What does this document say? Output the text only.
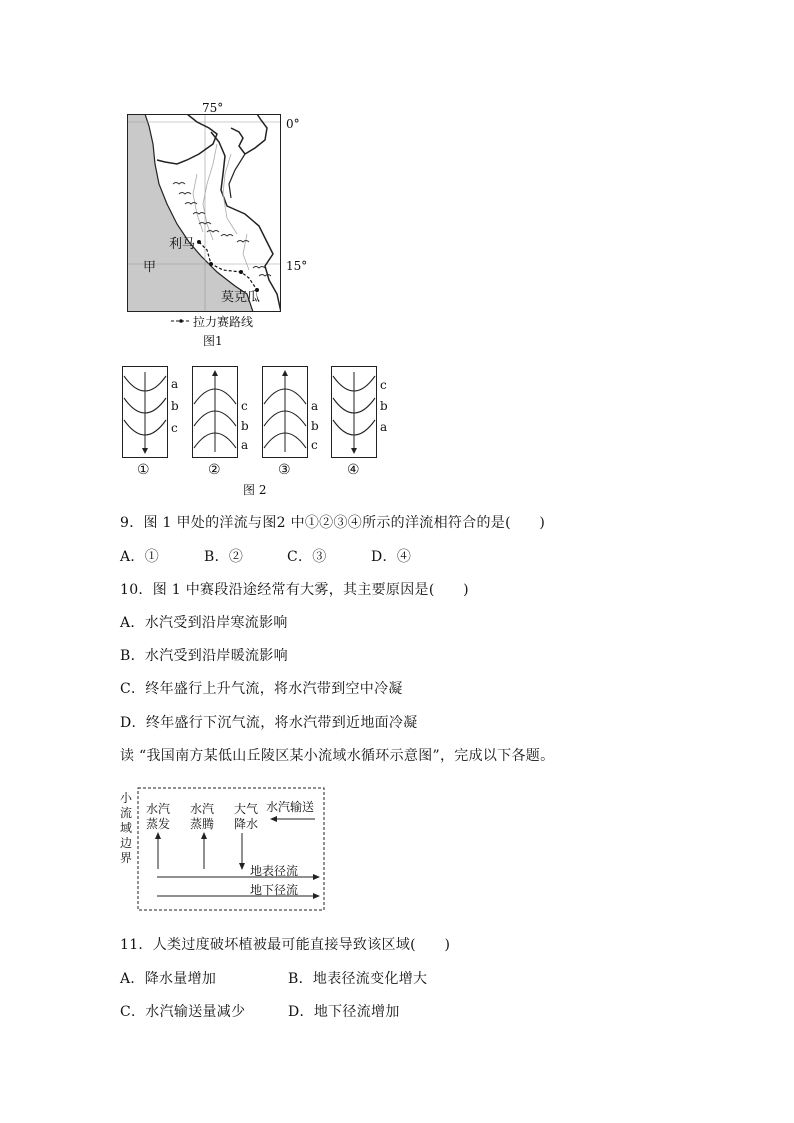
75°
0°
15°
利马
甲
莫克瓜
拉力赛路线
图1
a
b
c
c
b
a
a
b
c
c
b
a
①	②	③	④
图 2
9．图 1 甲处的洋流与图2 中①②③④所示的洋流相符合的是(　　)
A．①	B．②	C．③	D．④
10．图 1 中赛段沿途经常有大雾，其主要原因是(　　)
A．水汽受到沿岸寒流影响
B．水汽受到沿岸暖流影响
C．终年盛行上升气流，将水汽带到空中冷凝
D．终年盛行下沉气流，将水汽带到近地面冷凝
读 “我国南方某低山丘陵区某小流域水循环示意图”，完成以下各题。
小
流
域
边
界
水汽
蒸发
水汽
蒸腾
大气
降水
水汽输送
地表径流
地下径流
11．人类过度破坏植被最可能直接导致该区域(　　)
A．降水量增加	B．地表径流变化增大
C．水汽输送量减少	D．地下径流增加
